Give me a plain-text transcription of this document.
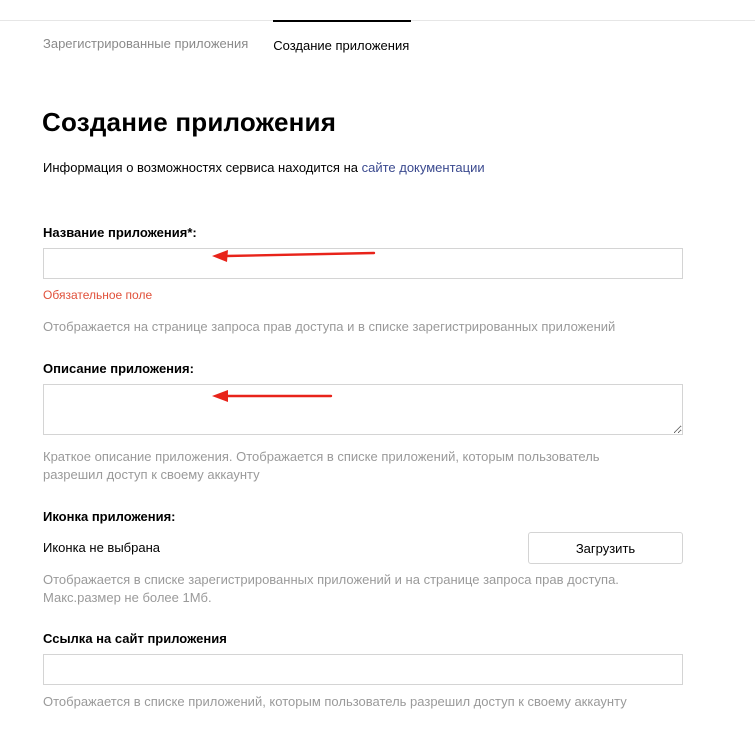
Зарегистрированные приложения Создание приложения
Создание приложения
Информация о возможностях сервиса находится на сайте документации
Название приложения*:
Обязательное поле
Отображается на странице запроса прав доступа и в списке зарегистрированных приложений
Описание приложения:
Краткое описание приложения. Отображается в списке приложений, которым пользователь
разрешил доступ к своему аккаунту
Иконка приложения:
Иконка не выбрана	Загрузить
Отображается в списке зарегистрированных приложений и на странице запроса прав доступа.
Макс.размер не более 1Мб.
Ссылка на сайт приложения
Отображается в списке приложений, которым пользователь разрешил доступ к своему аккаунту
